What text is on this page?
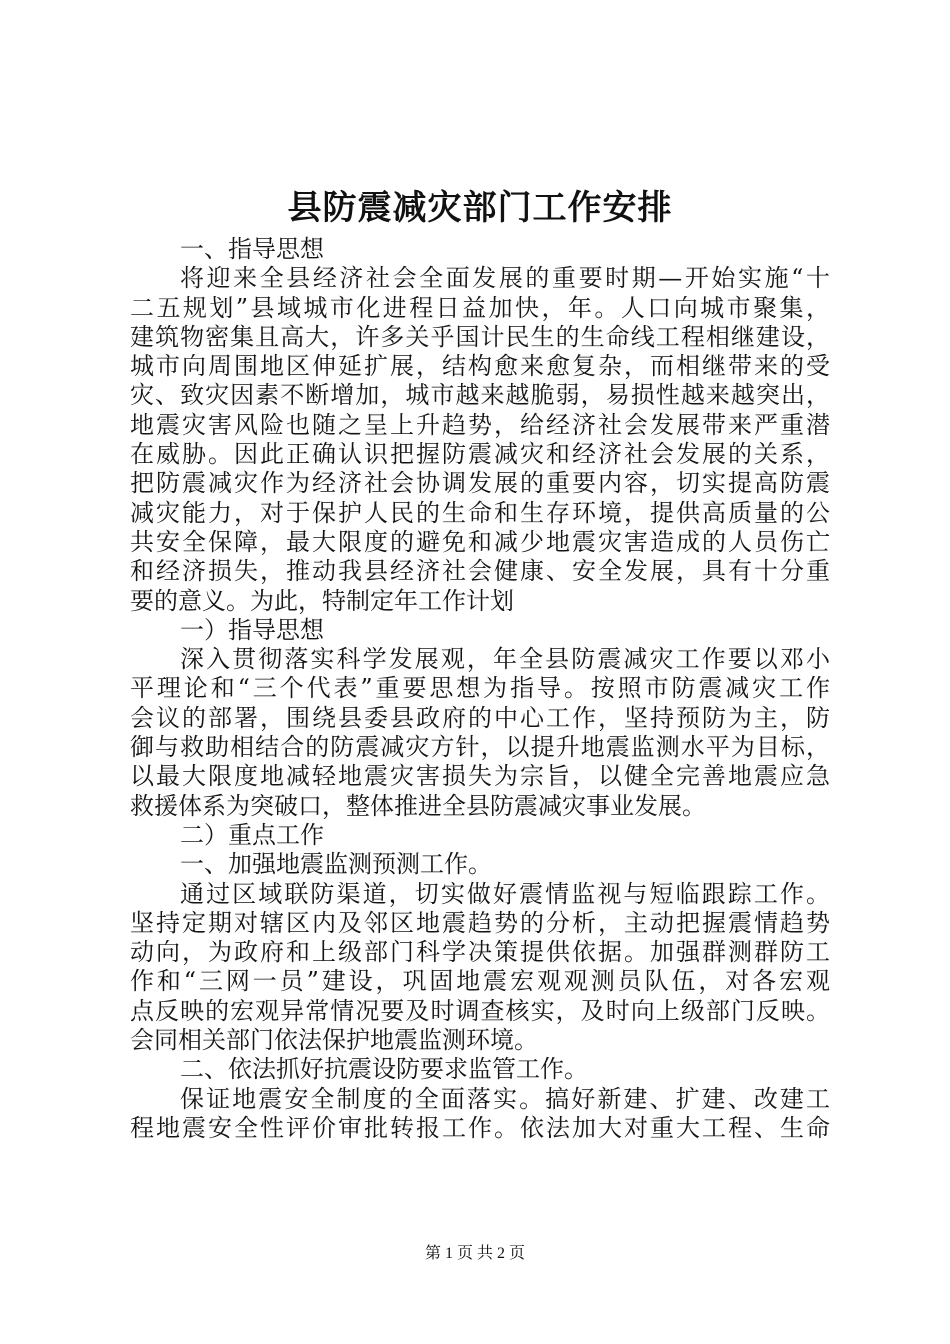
县防震减灾部门工作安排
一、指导思想
将迎来全县经济社会全面发展的重要时期—开始实施“十
二五规划”县域城市化进程日益加快，年。人口向城市聚集，
建筑物密集且高大，许多关乎国计民生的生命线工程相继建设，
城市向周围地区伸延扩展，结构愈来愈复杂，而相继带来的受
灾、致灾因素不断增加，城市越来越脆弱，易损性越来越突出，
地震灾害风险也随之呈上升趋势，给经济社会发展带来严重潜
在威胁。因此正确认识把握防震减灾和经济社会发展的关系，
把防震减灾作为经济社会协调发展的重要内容，切实提高防震
减灾能力，对于保护人民的生命和生存环境，提供高质量的公
共安全保障，最大限度的避免和减少地震灾害造成的人员伤亡
和经济损失，推动我县经济社会健康、安全发展，具有十分重
要的意义。为此，特制定年工作计划
一）指导思想
深入贯彻落实科学发展观，年全县防震减灾工作要以邓小
平理论和“三个代表”重要思想为指导。按照市防震减灾工作
会议的部署，围绕县委县政府的中心工作，坚持预防为主，防
御与救助相结合的防震减灾方针，以提升地震监测水平为目标，
以最大限度地减轻地震灾害损失为宗旨，以健全完善地震应急
救援体系为突破口，整体推进全县防震减灾事业发展。
二）重点工作
一、加强地震监测预测工作。
通过区域联防渠道，切实做好震情监视与短临跟踪工作。
坚持定期对辖区内及邻区地震趋势的分析，主动把握震情趋势
动向，为政府和上级部门科学决策提供依据。加强群测群防工
作和“三网一员”建设，巩固地震宏观观测员队伍，对各宏观
点反映的宏观异常情况要及时调查核实，及时向上级部门反映。
会同相关部门依法保护地震监测环境。
二、依法抓好抗震设防要求监管工作。
保证地震安全制度的全面落实。搞好新建、扩建、改建工
程地震安全性评价审批转报工作。依法加大对重大工程、生命
第 1 页 共 2 页
